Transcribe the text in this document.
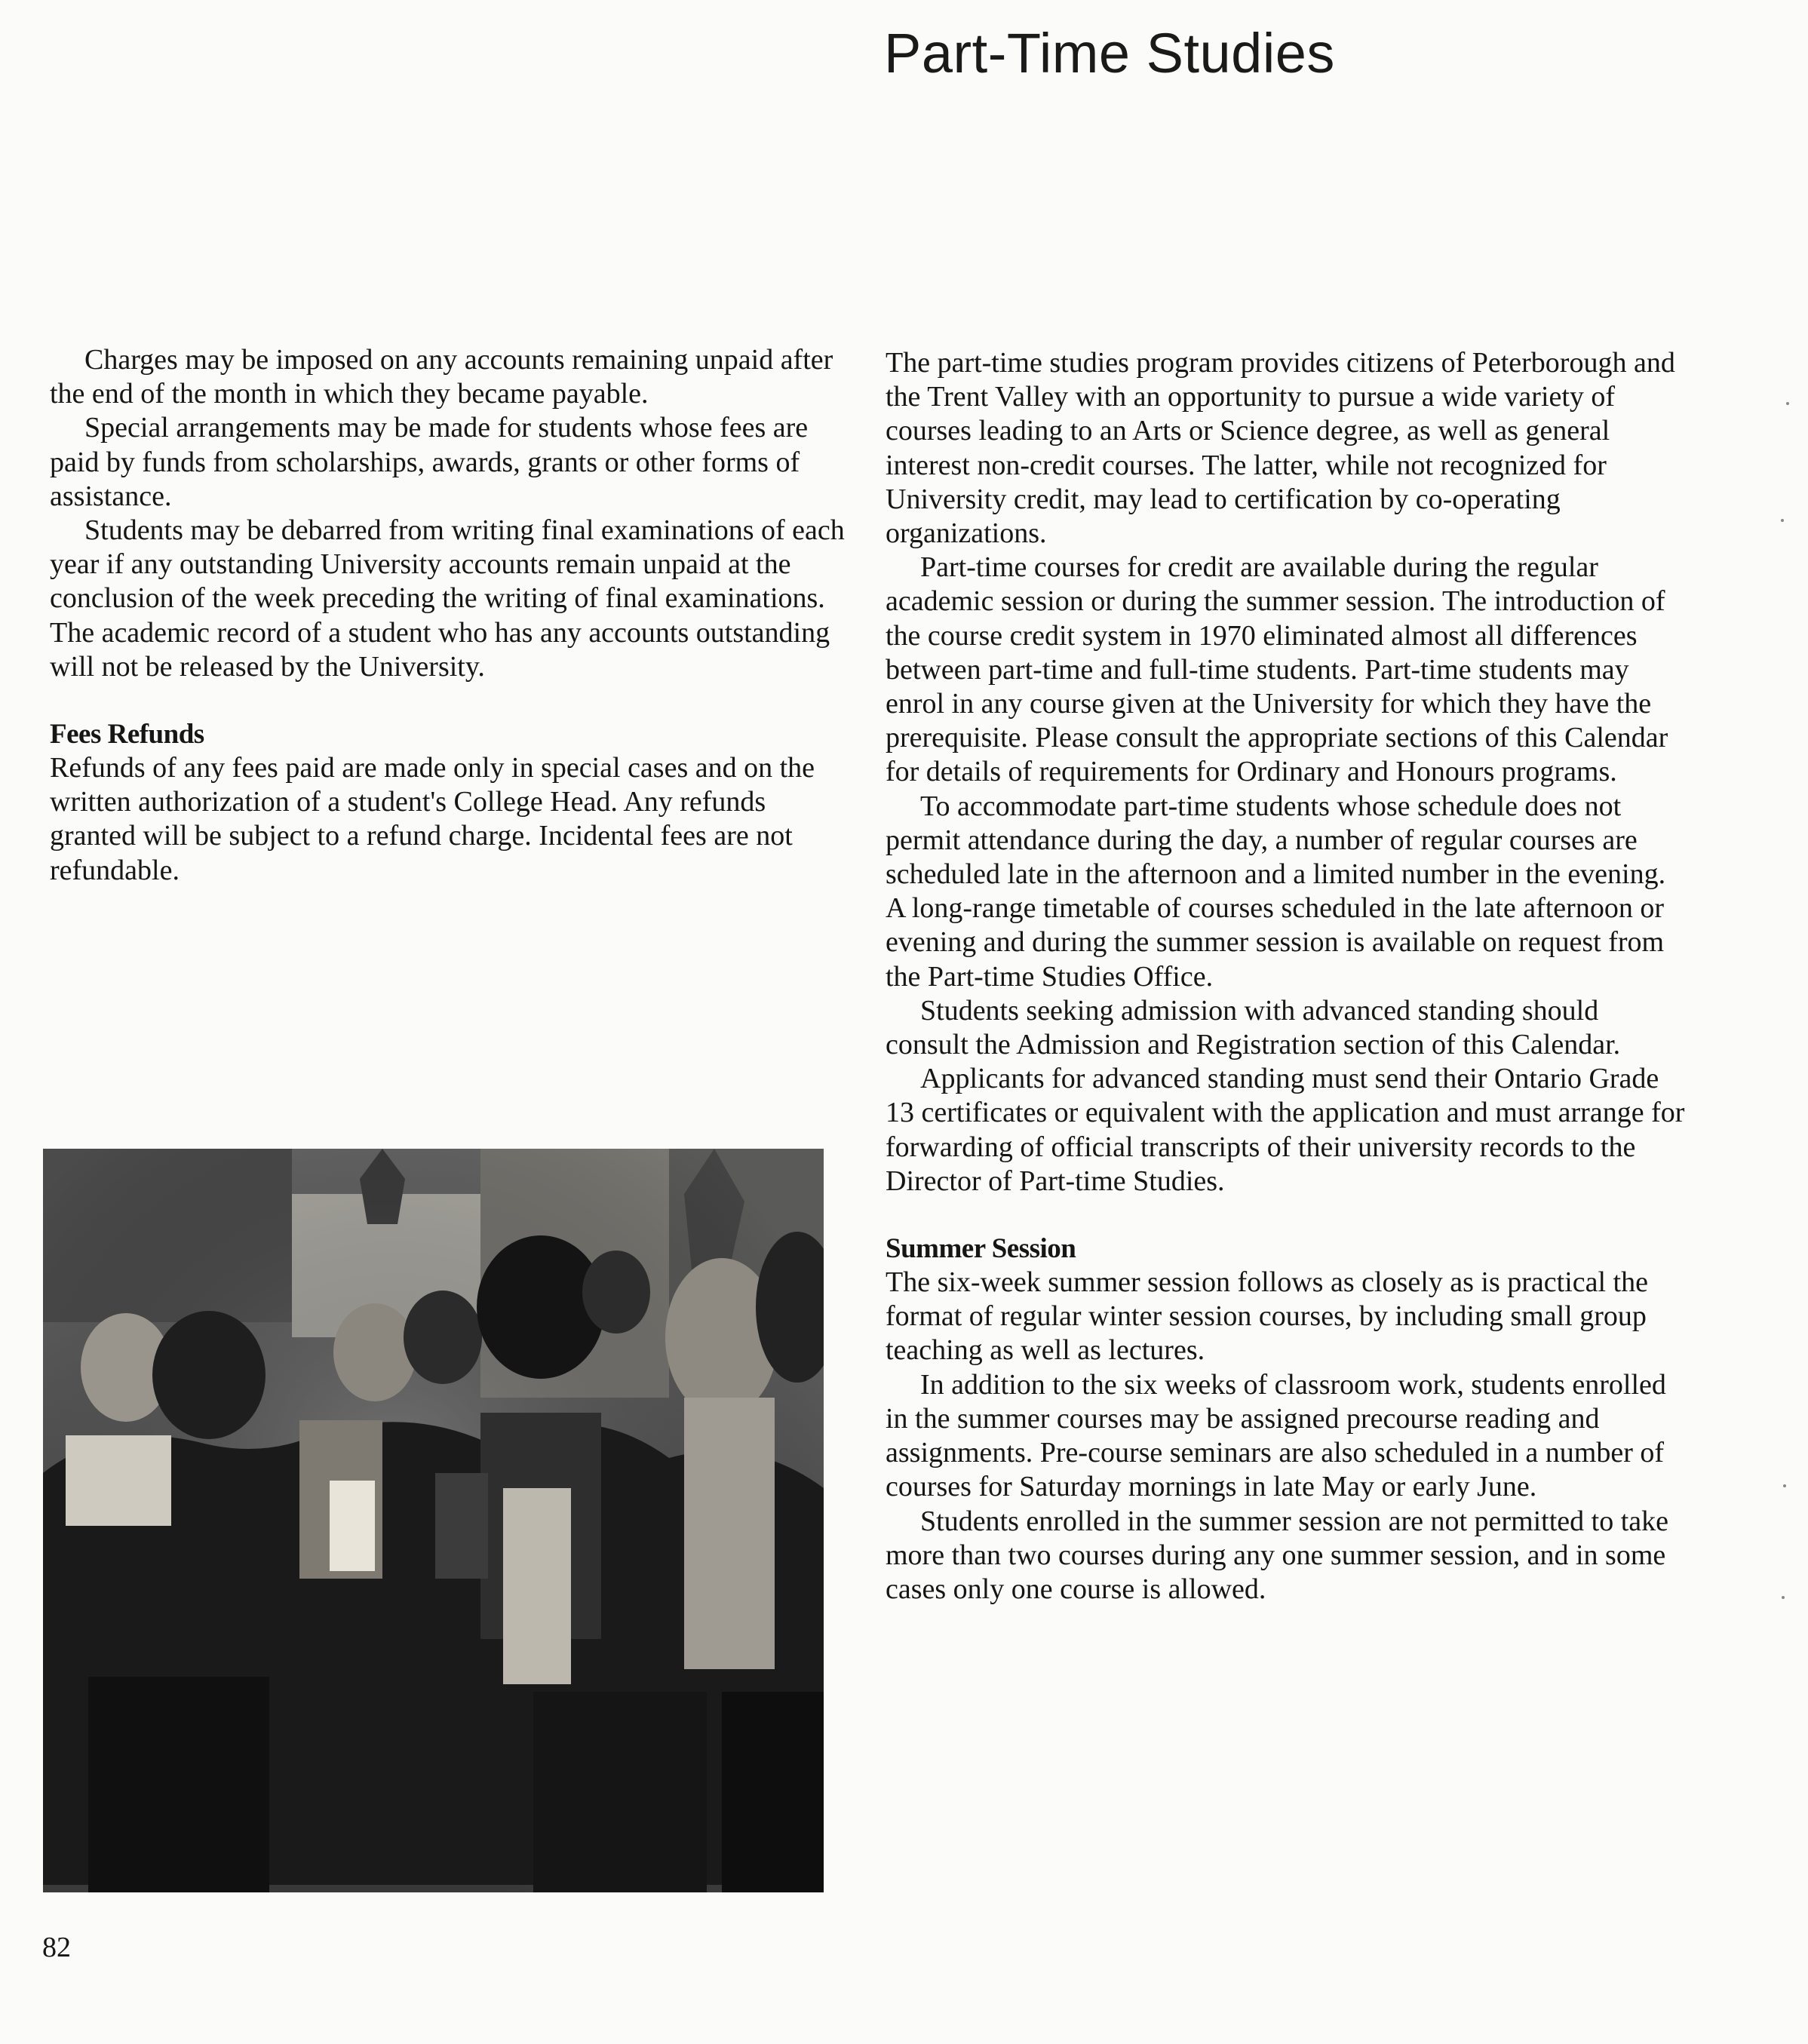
Part-Time Studies

Charges may be imposed on any accounts remaining unpaid after the end of the month in which they became payable.

Special arrangements may be made for students whose fees are paid by funds from scholarships, awards, grants or other forms of assistance.

Students may be debarred from writing final examinations of each year if any outstanding University accounts remain unpaid at the conclusion of the week preceding the writing of final examinations. The academic record of a student who has any accounts outstanding will not be released by the University.

Fees Refunds

Refunds of any fees paid are made only in special cases and on the written authorization of a student's College Head. Any refunds granted will be subject to a refund charge. Incidental fees are not refundable.

The part-time studies program provides citizens of Peterborough and the Trent Valley with an opportunity to pursue a wide variety of courses leading to an Arts or Science degree, as well as general interest non-credit courses. The latter, while not recognized for University credit, may lead to certification by co-operating organizations.

Part-time courses for credit are available during the regular academic session or during the summer session. The introduction of the course credit system in 1970 eliminated almost all differences between part-time and full-time students. Part-time students may enrol in any course given at the University for which they have the prerequisite. Please consult the appropriate sections of this Calendar for details of requirements for Ordinary and Honours programs.

To accommodate part-time students whose schedule does not permit attendance during the day, a number of regular courses are scheduled late in the afternoon and a limited number in the evening. A long-range timetable of courses scheduled in the late afternoon or evening and during the summer session is available on request from the Part-time Studies Office.

Students seeking admission with advanced standing should consult the Admission and Registration section of this Calendar.

Applicants for advanced standing must send their Ontario Grade 13 certificates or equivalent with the application and must arrange for forwarding of official transcripts of their university records to the Director of Part-time Studies.

Summer Session

The six-week summer session follows as closely as is practical the format of regular winter session courses, by including small group teaching as well as lectures.

In addition to the six weeks of classroom work, students enrolled in the summer courses may be assigned precourse reading and assignments. Pre-course seminars are also scheduled in a number of courses for Saturday mornings in late May or early June.

Students enrolled in the summer session are not permitted to take more than two courses during any one summer session, and in some cases only one course is allowed.

82
